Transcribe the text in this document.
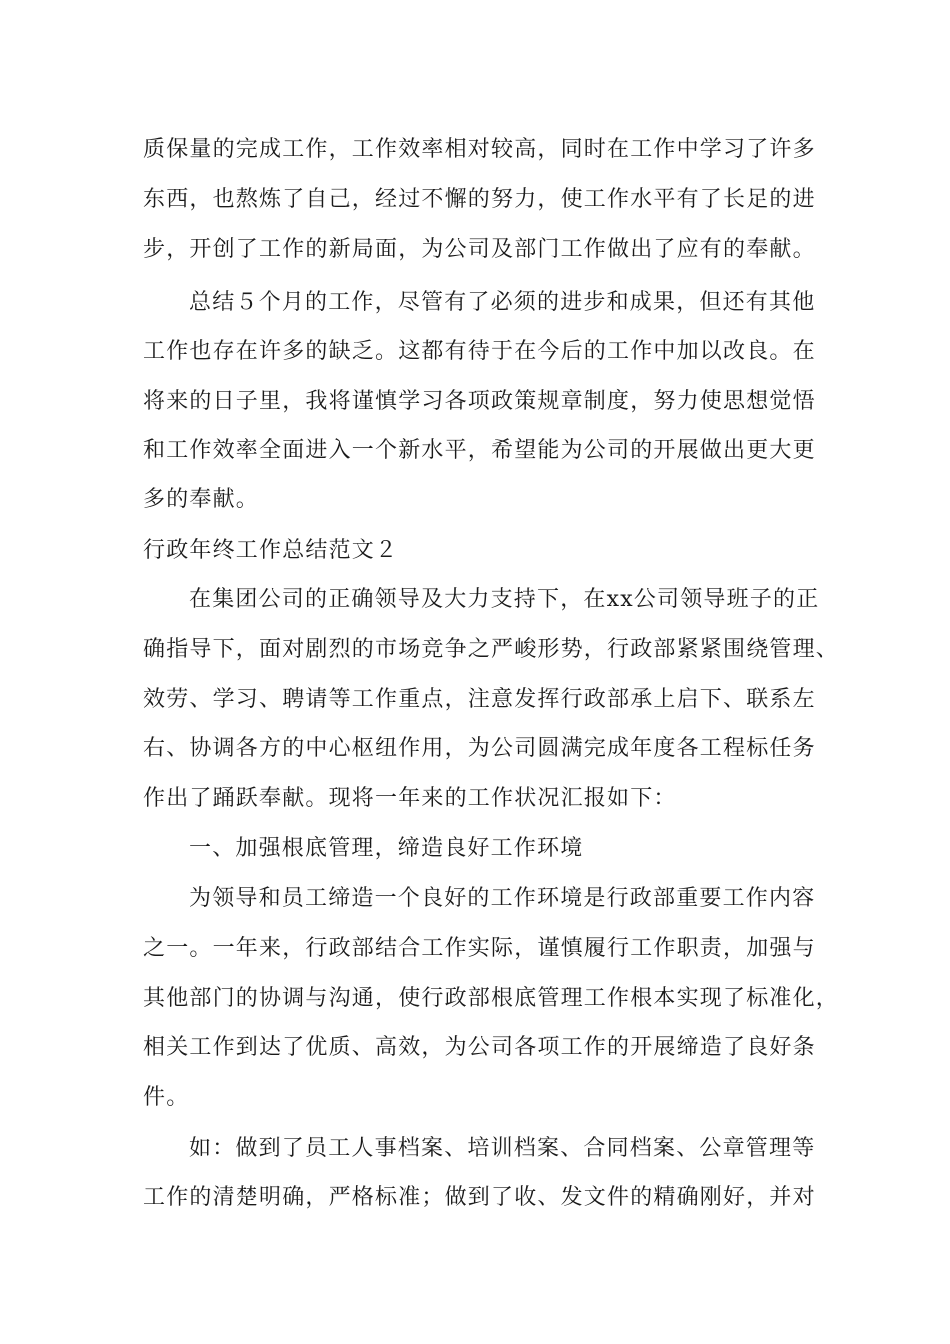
质保量的完成工作，工作效率相对较高，同时在工作中学习了许多
东西，也熬炼了自己，经过不懈的努力，使工作水平有了长足的进
步，开创了工作的新局面，为公司及部门工作做出了应有的奉献。
总结５个月的工作，尽管有了必须的进步和成果，但还有其他
工作也存在许多的缺乏。这都有待于在今后的工作中加以改良。在
将来的日子里，我将谨慎学习各项政策规章制度，努力使思想觉悟
和工作效率全面进入一个新水平，希望能为公司的开展做出更大更
多的奉献。
行政年终工作总结范文２
在集团公司的正确领导及大力支持下，在xx公司领导班子的正
确指导下，面对剧烈的市场竞争之严峻形势，行政部紧紧围绕管理、
效劳、学习、聘请等工作重点，注意发挥行政部承上启下、联系左
右、协调各方的中心枢纽作用，为公司圆满完成年度各工程标任务
作出了踊跃奉献。现将一年来的工作状况汇报如下：
一、加强根底管理，缔造良好工作环境
为领导和员工缔造一个良好的工作环境是行政部重要工作内容
之一。一年来，行政部结合工作实际，谨慎履行工作职责，加强与
其他部门的协调与沟通，使行政部根底管理工作根本实现了标准化，
相关工作到达了优质、高效，为公司各项工作的开展缔造了良好条
件。
如：做到了员工人事档案、培训档案、合同档案、公章管理等
工作的清楚明确，严格标准；做到了收、发文件的精确刚好，并对
